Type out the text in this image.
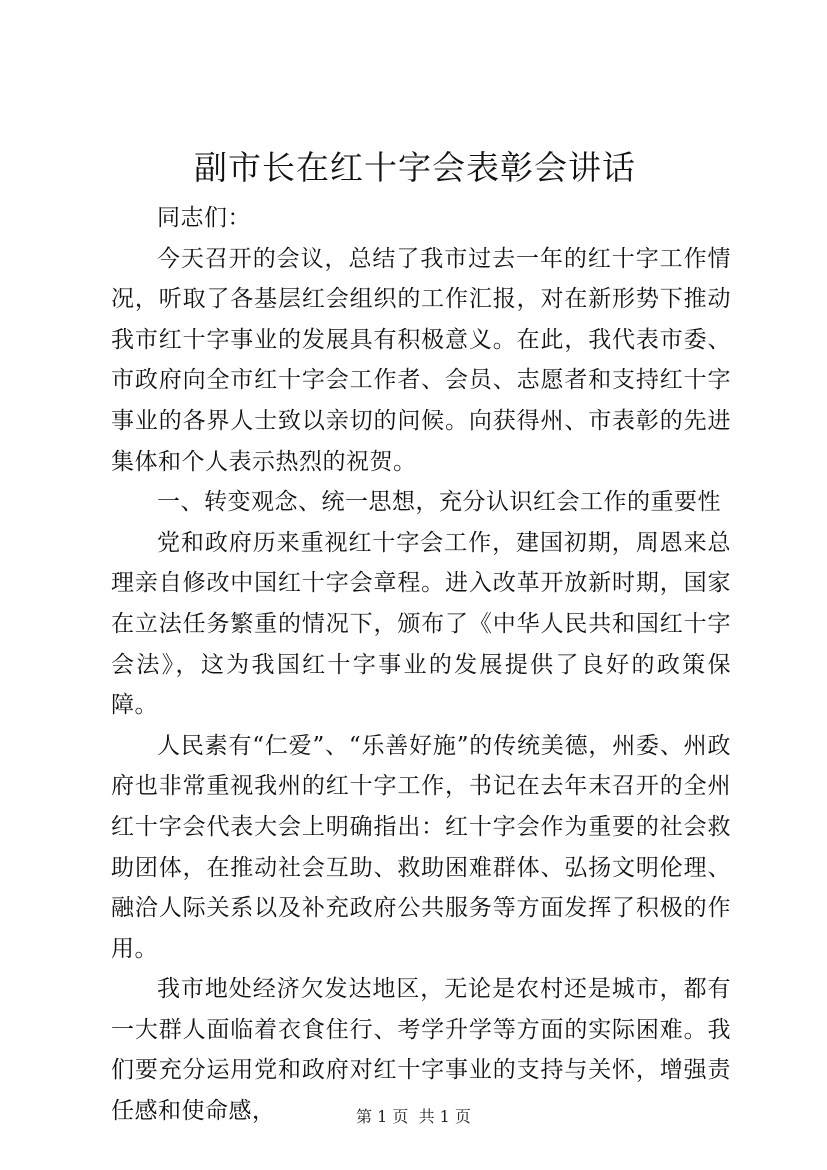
副市长在红十字会表彰会讲话

同志们：

今天召开的会议，总结了我市过去一年的红十字工作情况，听取了各基层红会组织的工作汇报，对在新形势下推动我市红十字事业的发展具有积极意义。在此，我代表市委、市政府向全市红十字会工作者、会员、志愿者和支持红十字事业的各界人士致以亲切的问候。向获得州、市表彰的先进集体和个人表示热烈的祝贺。

一、转变观念、统一思想，充分认识红会工作的重要性

党和政府历来重视红十字会工作，建国初期，周恩来总理亲自修改中国红十字会章程。进入改革开放新时期，国家在立法任务繁重的情况下，颁布了《中华人民共和国红十字会法》，这为我国红十字事业的发展提供了良好的政策保障。

人民素有“仁爱”、“乐善好施”的传统美德，州委、州政府也非常重视我州的红十字工作，书记在去年末召开的全州红十字会代表大会上明确指出：红十字会作为重要的社会救助团体，在推动社会互助、救助困难群体、弘扬文明伦理、融洽人际关系以及补充政府公共服务等方面发挥了积极的作用。

我市地处经济欠发达地区，无论是农村还是城市，都有一大群人面临着衣食住行、考学升学等方面的实际困难。我们要充分运用党和政府对红十字事业的支持与关怀，增强责任感和使命感，	第 1 页  共 1 页
